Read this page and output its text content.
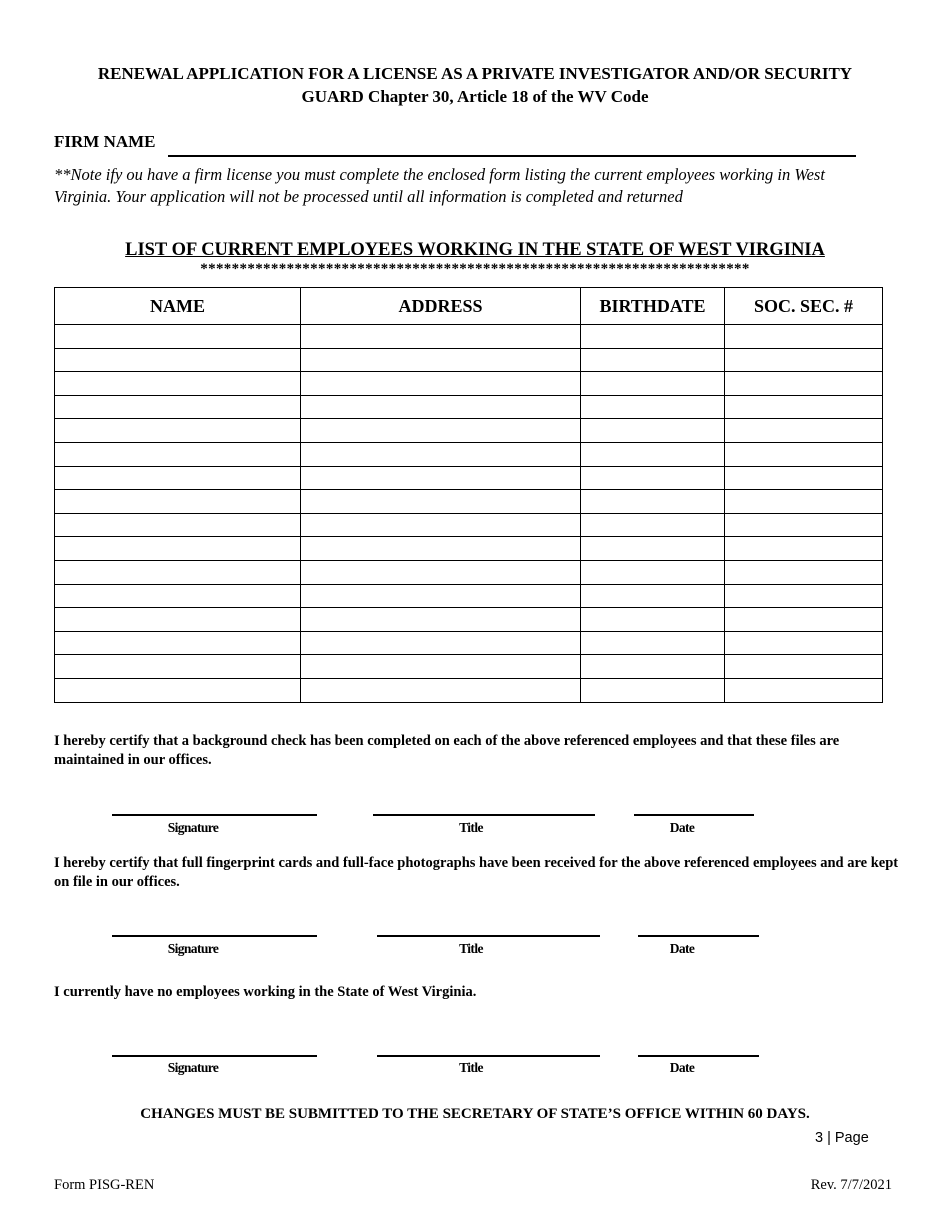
RENEWAL APPLICATION FOR A LICENSE AS A PRIVATE INVESTIGATOR AND/OR SECURITY
GUARD Chapter 30, Article 18 of the WV Code
FIRM NAME
**Note ify ou have a firm license you must complete the enclosed form listing the current employees working in West Virginia. Your application will not be processed until all information is completed and returned
LIST OF CURRENT EMPLOYEES WORKING IN THE STATE OF WEST VIRGINIA
**********************************************************************
NAME	ADDRESS	BIRTHDATE	SOC. SEC. #

I hereby certify that a background check has been completed on each of the above referenced employees and that these files are maintained in our offices.
Signature	Title	Date
I hereby certify that full fingerprint cards and full-face photographs have been received for the above referenced employees and are kept on file in our offices.
Signature	Title	Date
I currently have no employees working in the State of West Virginia.
Signature	Title	Date
CHANGES MUST BE SUBMITTED TO THE SECRETARY OF STATE’S OFFICE WITHIN 60 DAYS.
3 | Page
Form PISG-REN	Rev. 7/7/2021
